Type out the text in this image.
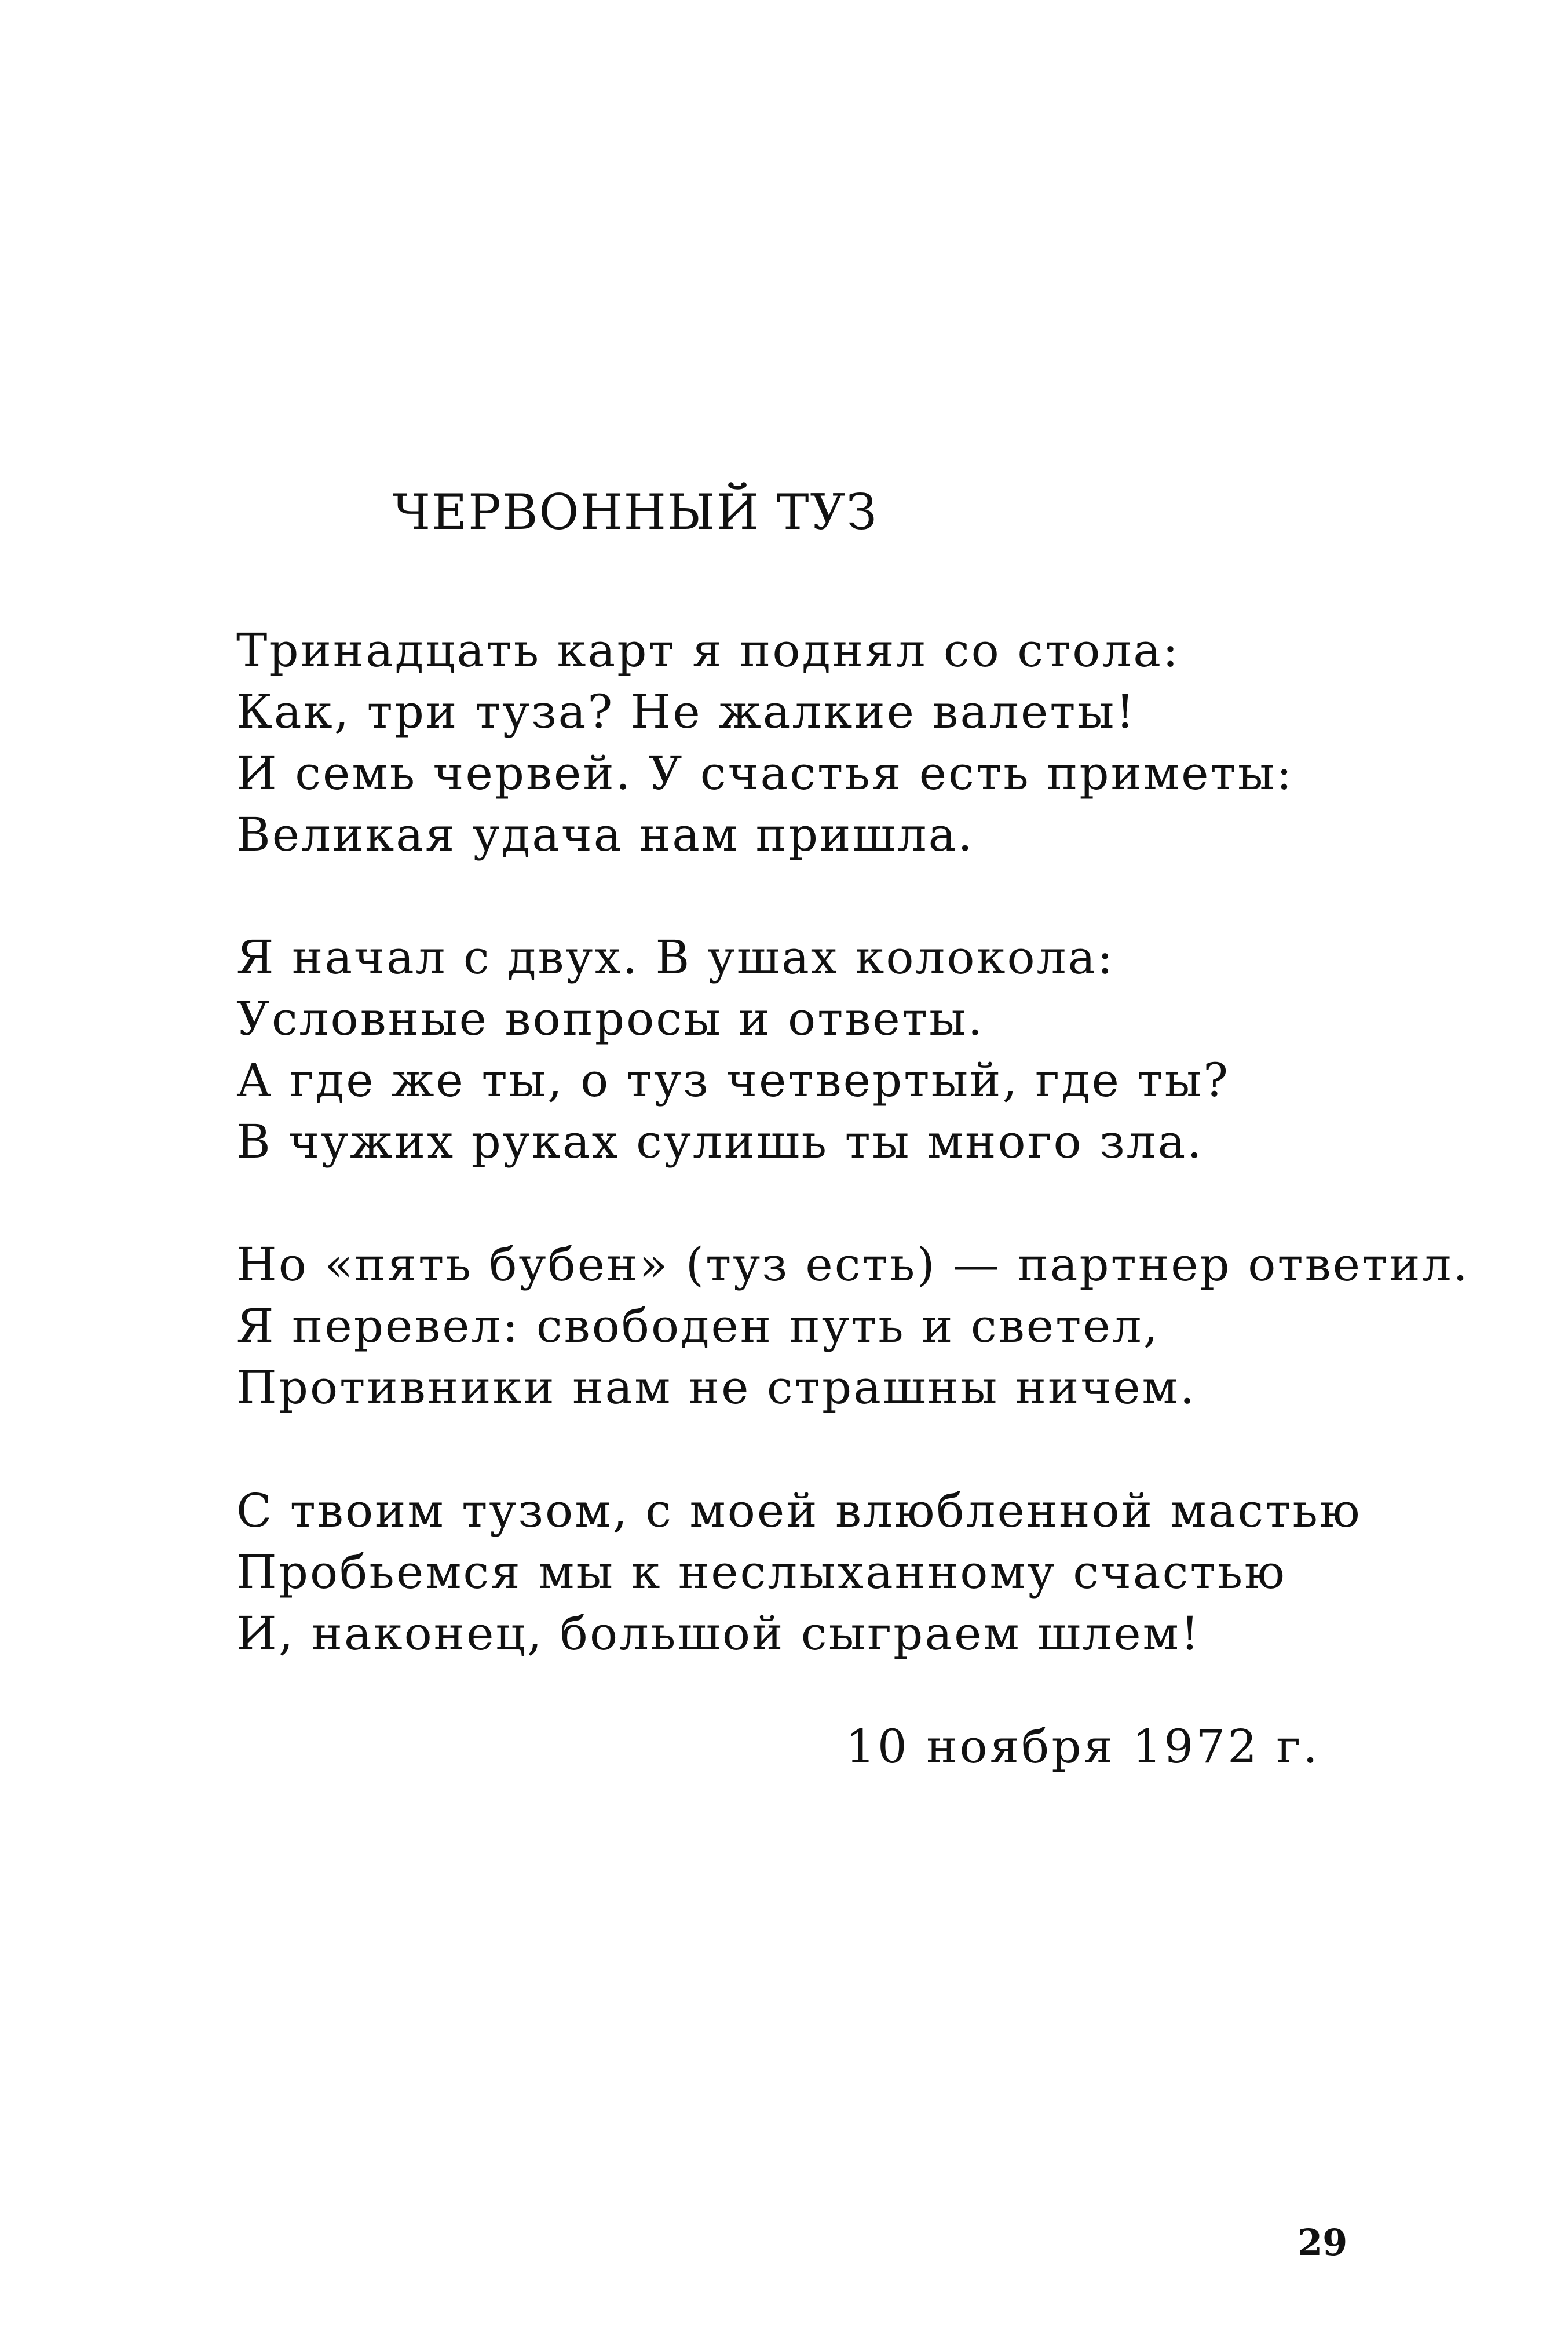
ЧЕРВОННЫЙ ТУЗ
Тринадцать карт я поднял со стола:
Как, три туза? Не жалкие валеты!
И семь червей. У счастья есть приметы:
Великая удача нам пришла.
Я начал с двух. В ушах колокола:
Условные вопросы и ответы.
А где же ты, о туз четвертый, где ты?
В чужих руках сулишь ты много зла.
Но «пять бубен» (туз есть) — партнер ответил.
Я перевел: свободен путь и светел,
Противники нам не страшны ничем.
С твоим тузом, с моей влюбленной мастью
Пробьемся мы к неслыханному счастью
И, наконец, большой сыграем шлем!
10 ноября 1972 г.
29
